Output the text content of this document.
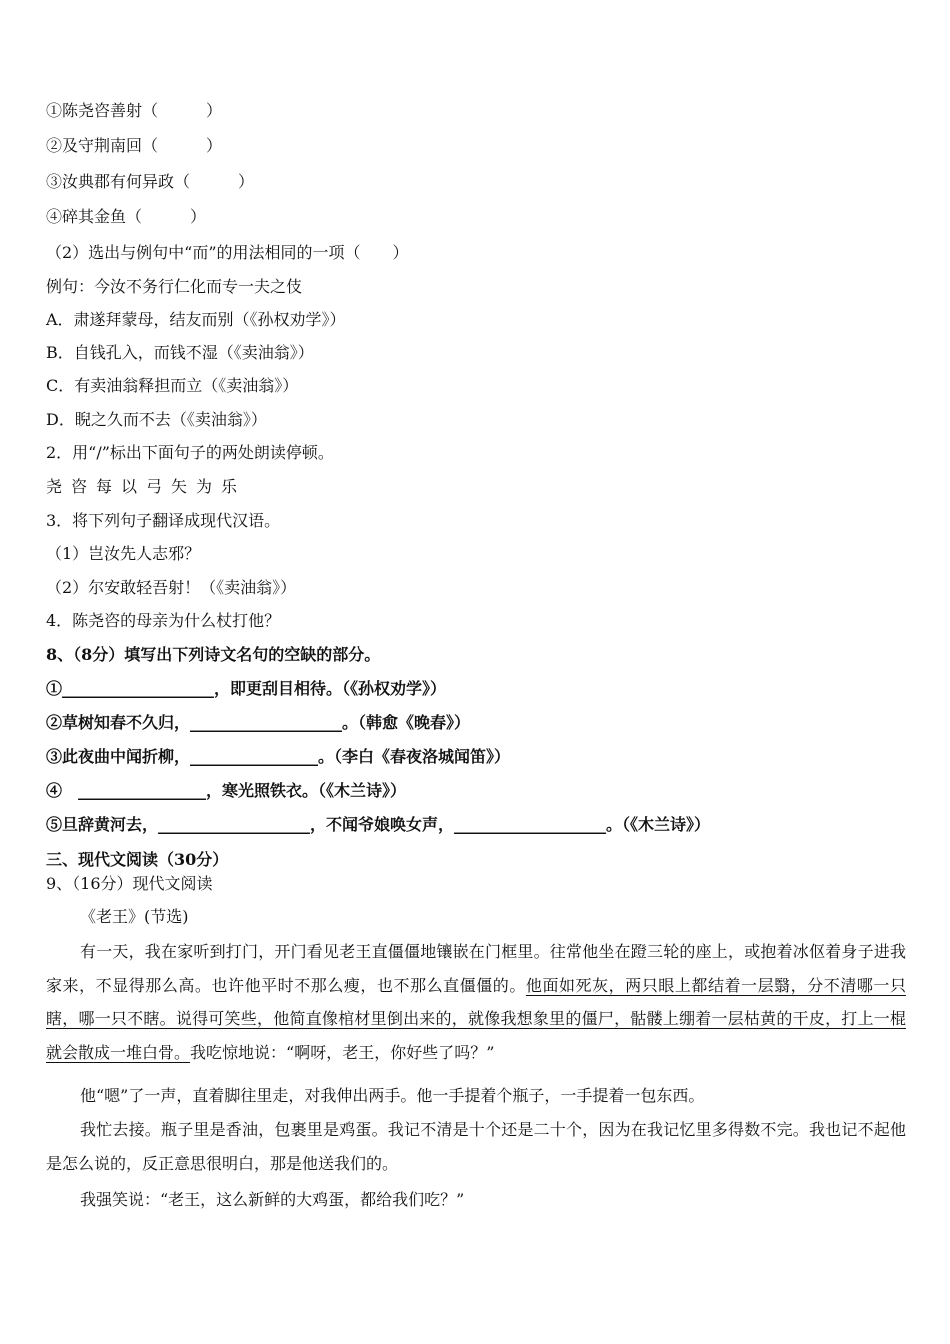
①陈尧咨善射（　　　）
②及守荆南回（　　　）
③汝典郡有何异政（　　　）
④碎其金鱼（　　　）
（2）选出与例句中“而”的用法相同的一项（　　）
例句：今汝不务行仁化而专一夫之伎
A．肃遂拜蒙母，结友而别（《孙权劝学》）
B．自钱孔入，而钱不湿（《卖油翁》）
C．有卖油翁释担而立（《卖油翁》）
D．睨之久而不去（《卖油翁》）
2．用“/”标出下面句子的两处朗读停顿。
尧咨每以弓矢为乐
3．将下列句子翻译成现代汉语。
（1）岂汝先人志邪？
（2）尔安敢轻吾射！（《卖油翁》）
4．陈尧咨的母亲为什么杖打他？
8、（8分）填写出下列诗文名句的空缺的部分。
①___________________，即更刮目相待。（《孙权劝学》）
②草树知春不久归，___________________。（韩愈《晚春》）
③此夜曲中闻折柳，________________。（李白《春夜洛城闻笛》）
④　________________，寒光照铁衣。（《木兰诗》）
⑤旦辞黄河去，___________________，不闻爷娘唤女声，___________________。（《木兰诗》）
三、现代文阅读（30分）
9、（16分）现代文阅读
《老王》(节选)
有一天，我在家听到打门，开门看见老王直僵僵地镶嵌在门框里。往常他坐在蹬三轮的座上，或抱着冰伛着身子进我家来，不显得那么高。也许他平时不那么瘦，也不那么直僵僵的。他面如死灰，两只眼上都结着一层翳，分不清哪一只瞎，哪一只不瞎。说得可笑些，他简直像棺材里倒出来的，就像我想象里的僵尸，骷髅上绷着一层枯黄的干皮，打上一棍就会散成一堆白骨。我吃惊地说：“啊呀，老王，你好些了吗？”
他“嗯”了一声，直着脚往里走，对我伸出两手。他一手提着个瓶子，一手提着一包东西。
我忙去接。瓶子里是香油，包裹里是鸡蛋。我记不清是十个还是二十个，因为在我记忆里多得数不完。我也记不起他是怎么说的，反正意思很明白，那是他送我们的。
我强笑说：“老王，这么新鲜的大鸡蛋，都给我们吃？”
